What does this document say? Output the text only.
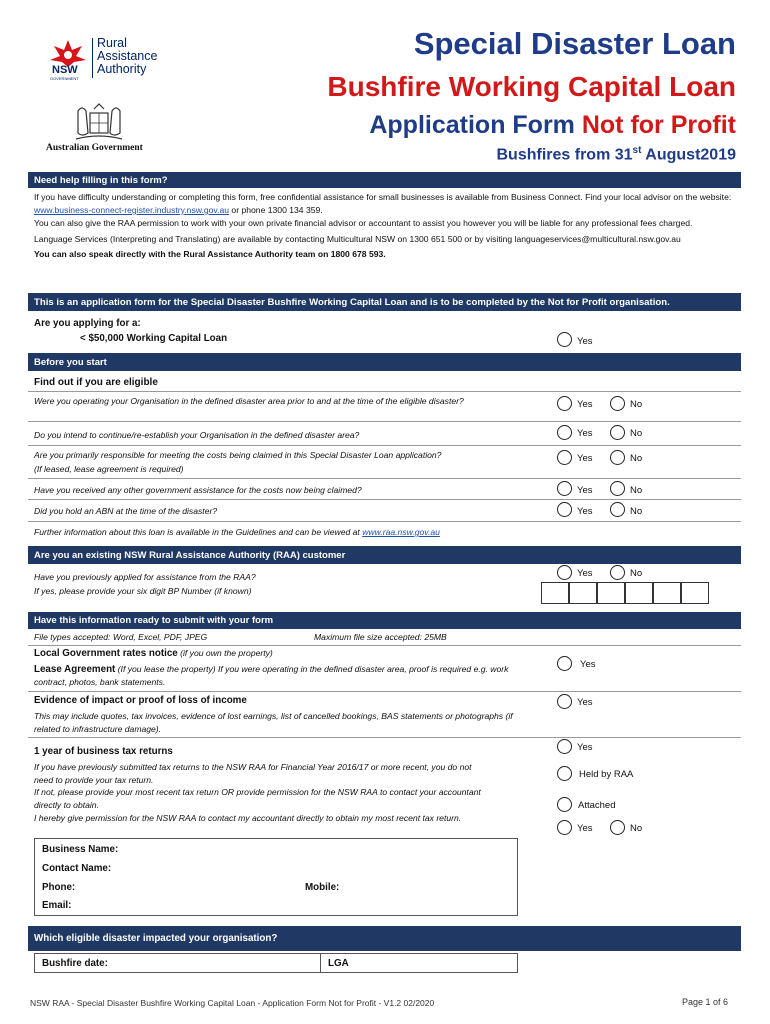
NSW
GOVERNMENT
Rural
Assistance
Authority
Australian Government
Special Disaster Loan
Bushfire Working Capital Loan
Application Form Not for Profit
Bushfires from 31st August2019
Need help filling in this form?
If you have difficulty understanding or completing this form, free confidential assistance for small businesses is available from Business Connect. Find your local advisor on the website: www.business-connect-register.industry.nsw.gov.au or phone 1300 134 359.
You can also give the RAA permission to work with your own private financial advisor or accountant to assist you however you will be liable for any professional fees charged.
Language Services (Interpreting and Translating) are available by contacting Multicultural NSW on 1300 651 500 or by visiting languageservices@multicultural.nsw.gov.au
You can also speak directly with the Rural Assistance Authority team on 1800 678 593.
This is an application form for the Special Disaster Bushfire Working Capital Loan and is to be completed by the Not for Profit organisation.
Are you applying for a:
< $50,000 Working Capital Loan	Yes
Before you start
Find out if you are eligible
Were you operating your Organisation in the defined disaster area prior to and at the time of the eligible disaster?	Yes	No
Do you intend to continue/re-establish your Organisation in the defined disaster area?	Yes	No
Are you primarily responsible for meeting the costs being claimed in this Special Disaster Loan application?
(If leased, lease agreement is required)
Yes	No
Have you received any other government assistance for the costs now being claimed?	Yes	No
Did you hold an ABN at the time of the disaster?	Yes	No
Further information about this loan is available in the Guidelines and can be viewed at www.raa.nsw.gov.au
Are you an existing NSW Rural Assistance Authority (RAA) customer
Have you previously applied for assistance from the RAA?
If yes, please provide your six digit BP Number (if known)
Yes	No
Have this information ready to submit with your form
File types accepted: Word, Excel, PDF, JPEG	Maximum file size accepted: 25MB
Local Government rates notice (if you own the property)
Lease Agreement (If you lease the property) If you were operating in the defined disaster area, proof is required e.g. work contract, photos, bank statements.
Yes
Evidence of impact or proof of loss of income
This may include quotes, tax invoices, evidence of lost earnings, list of cancelled bookings, BAS statements or photographs (if related to infrastructure damage).
Yes
1 year of business tax returns
If you have previously submitted tax returns to the NSW RAA for Financial Year 2016/17 or more recent, you do not need to provide your tax return.
If not, please provide your most recent tax return OR provide permission for the NSW RAA to contact your accountant directly to obtain.
I hereby give permission for the NSW RAA to contact my accountant directly to obtain my most recent tax return.
Yes
Held by RAA
Attached
Yes	No
Business Name:
Contact Name:
Phone:	Mobile:
Email:
Which eligible disaster impacted your organisation?
Bushfire date:	LGA
NSW RAA - Special Disaster Bushfire Working Capital Loan - Application Form Not for Profit - V1.2 02/2020	Page 1 of 6
